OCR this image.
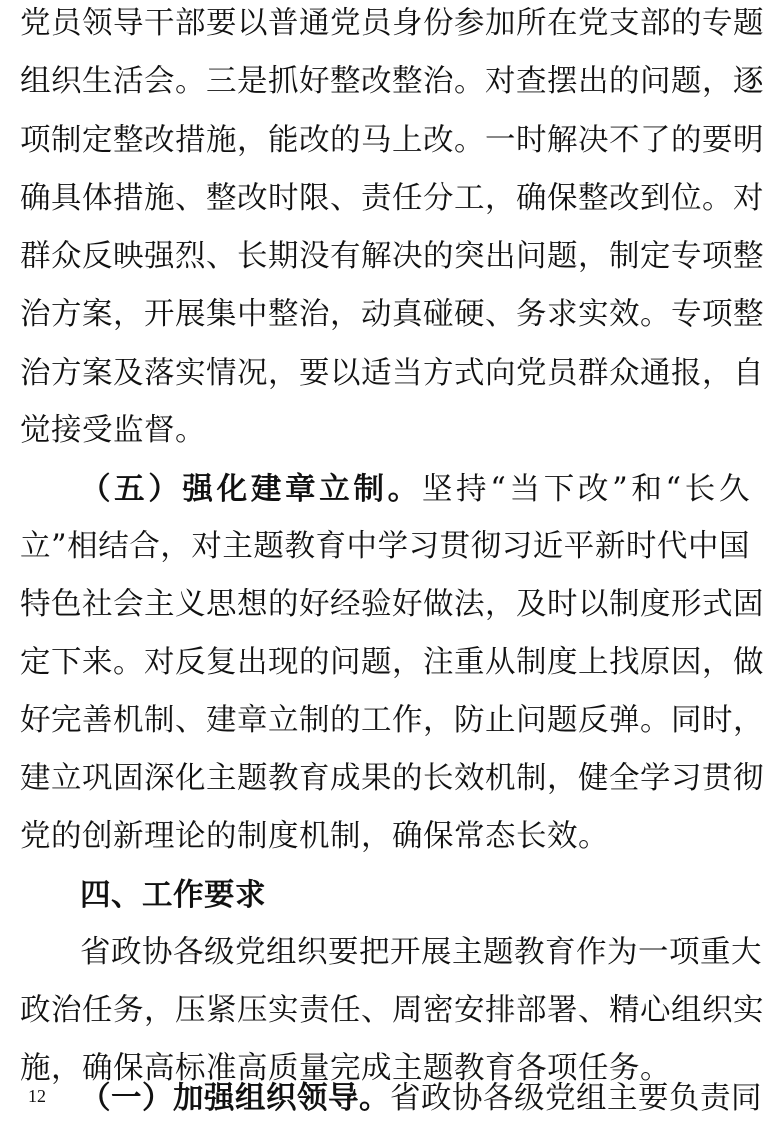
党员领导干部要以普通党员身份参加所在党支部的专题
组织生活会。三是抓好整改整治。对查摆出的问题，逐
项制定整改措施，能改的马上改。一时解决不了的要明
确具体措施、整改时限、责任分工，确保整改到位。对
群众反映强烈、长期没有解决的突出问题，制定专项整
治方案，开展集中整治，动真碰硬、务求实效。专项整
治方案及落实情况，要以适当方式向党员群众通报，自
觉接受监督。
（五）强化建章立制。坚持“当下改”和“长久
立”相结合，对主题教育中学习贯彻习近平新时代中国
特色社会主义思想的好经验好做法，及时以制度形式固
定下来。对反复出现的问题，注重从制度上找原因，做
好完善机制、建章立制的工作，防止问题反弹。同时，
建立巩固深化主题教育成果的长效机制，健全学习贯彻
党的创新理论的制度机制，确保常态长效。
四、工作要求
省政协各级党组织要把开展主题教育作为一项重大
政治任务，压紧压实责任、周密安排部署、精心组织实
施，确保高标准高质量完成主题教育各项任务。
（一）加强组织领导。省政协各级党组主要负责同
12
